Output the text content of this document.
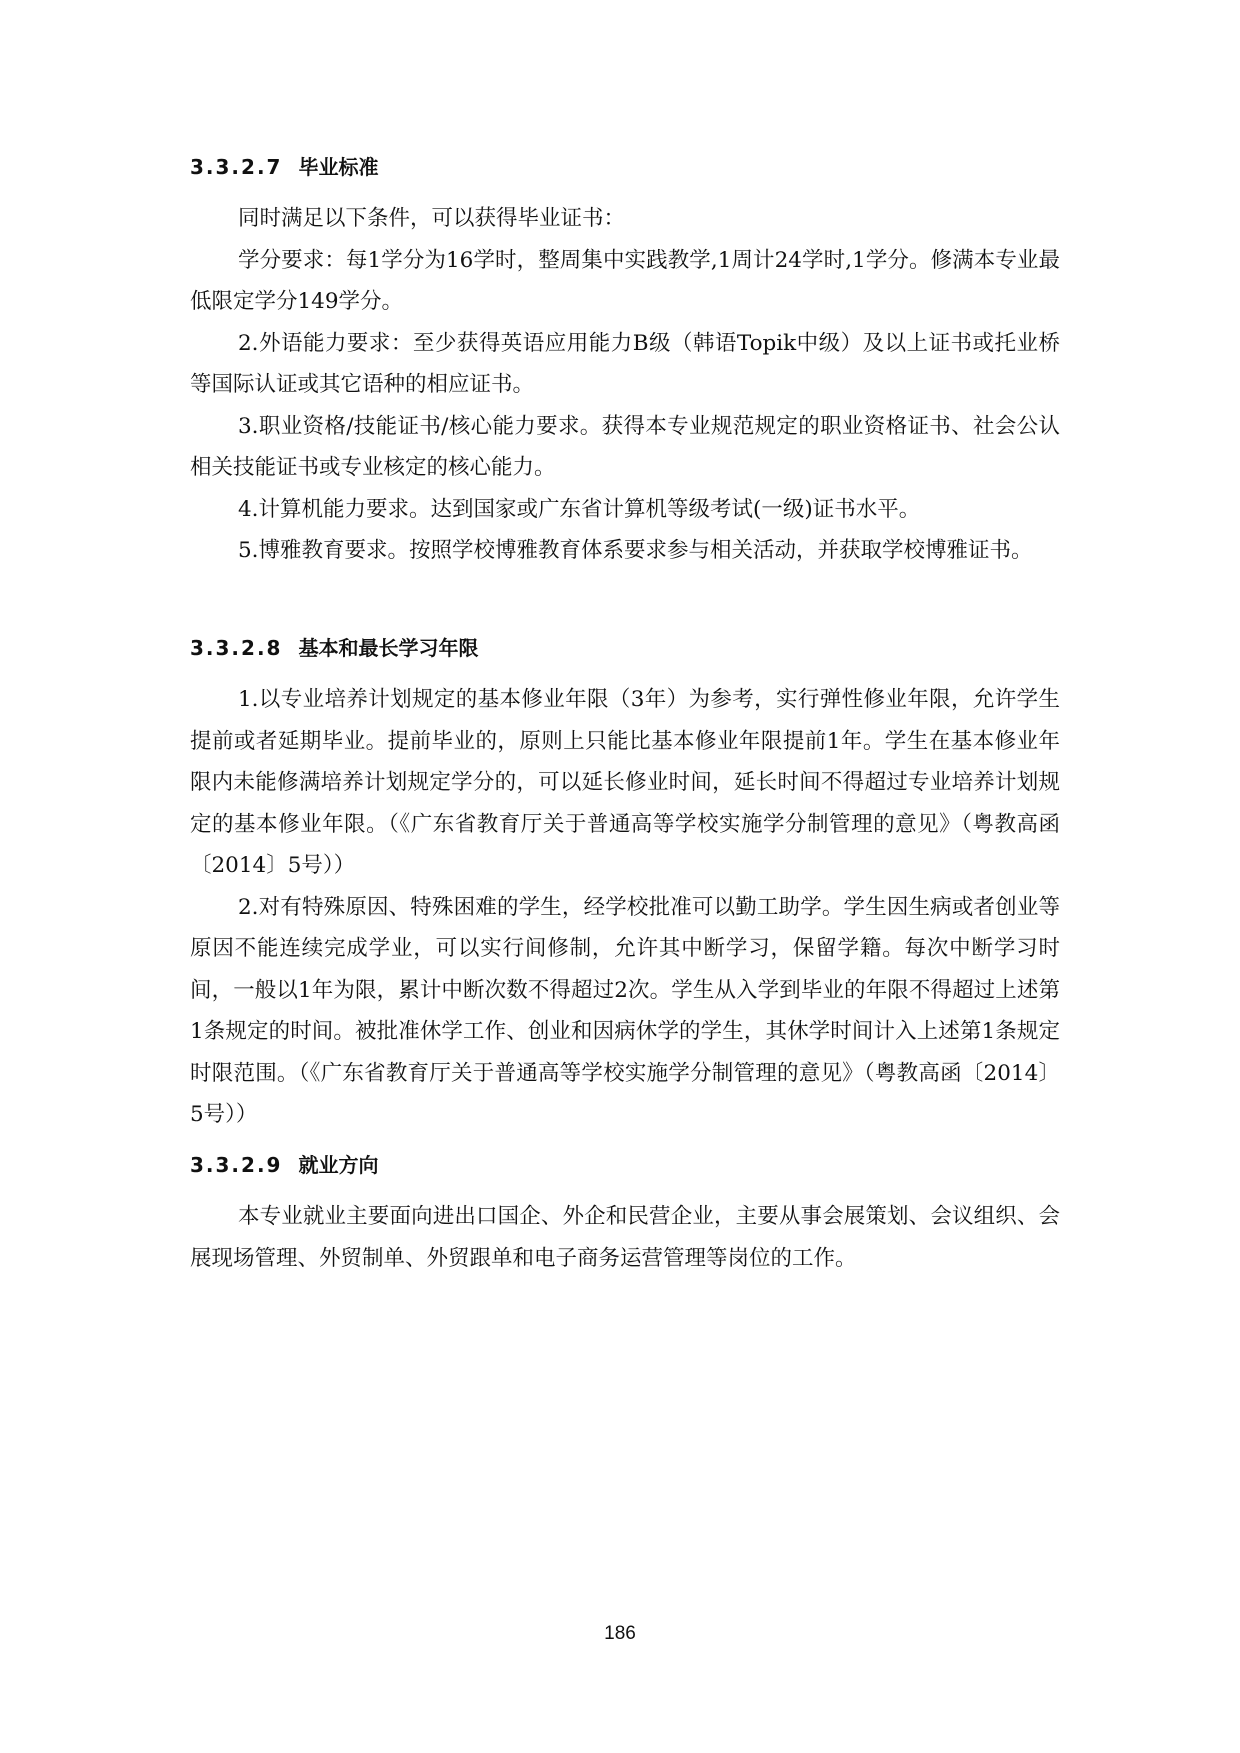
3.3.2.7 毕业标准

同时满足以下条件，可以获得毕业证书：

学分要求：每1学分为16学时，整周集中实践教学,1周计24学时,1学分。修满本专业最低限定学分149学分。

2.外语能力要求：至少获得英语应用能力B级（韩语Topik中级）及以上证书或托业桥等国际认证或其它语种的相应证书。

3.职业资格/技能证书/核心能力要求。获得本专业规范规定的职业资格证书、社会公认相关技能证书或专业核定的核心能力。

4.计算机能力要求。达到国家或广东省计算机等级考试(一级)证书水平。

5.博雅教育要求。按照学校博雅教育体系要求参与相关活动，并获取学校博雅证书。

3.3.2.8 基本和最长学习年限

1.以专业培养计划规定的基本修业年限（3年）为参考，实行弹性修业年限，允许学生提前或者延期毕业。提前毕业的，原则上只能比基本修业年限提前1年。学生在基本修业年限内未能修满培养计划规定学分的，可以延长修业时间，延长时间不得超过专业培养计划规定的基本修业年限。（《广东省教育厅关于普通高等学校实施学分制管理的意见》（粤教高函〔2014〕5号））

2.对有特殊原因、特殊困难的学生，经学校批准可以勤工助学。学生因生病或者创业等原因不能连续完成学业，可以实行间修制，允许其中断学习，保留学籍。每次中断学习时间，一般以1年为限，累计中断次数不得超过2次。学生从入学到毕业的年限不得超过上述第1条规定的时间。被批准休学工作、创业和因病休学的学生，其休学时间计入上述第1条规定时限范围。（《广东省教育厅关于普通高等学校实施学分制管理的意见》（粤教高函〔2014〕5号））

3.3.2.9 就业方向

本专业就业主要面向进出口国企、外企和民营企业，主要从事会展策划、会议组织、会展现场管理、外贸制单、外贸跟单和电子商务运营管理等岗位的工作。

186
